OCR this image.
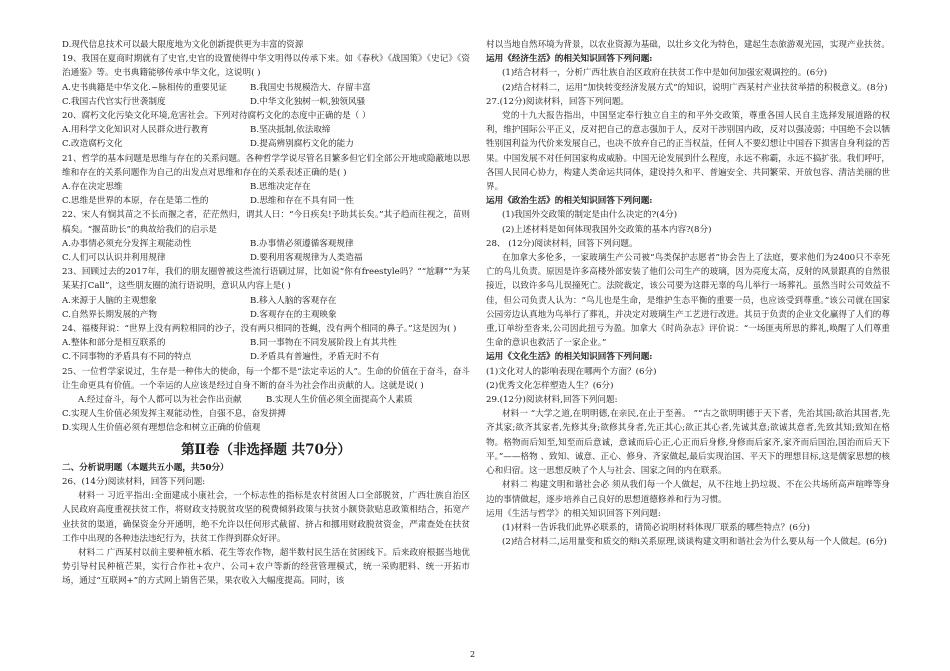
D.现代信息技术可以最大限度地为文化创新提供更为丰富的资源

19、我国在夏商时期就有了史官,史官的设置使得中华文明得以传承下来。如《春秋》《战国策》《史记》《资治通鉴》等。史书典籍能够传承中华文化，这说明( )

A.史书典籍是中华文化.~脉相传的重要见证	B.我国史书规模浩大、存留丰富

C.我国古代官实行世袭制度	D.中华文化独树一帜,独领风骚

20、腐朽文化污染文化环境,危害社会。下列对待腐朽文化的态度中正确的是（ ）

A.用科学文化知识对人民群众进行教育	B.坚决抵制,依法取缔

C.改造腐朽文化	D.提高辨别腐朽文化的能力

21、哲学的基本问题是思维与存在的关系问题。各种哲学学说尽管名目繁多但它们全部公开地或隐蔽地以思维和存在的关系问题作为自己的出发点对思维和存在的关系表述正确的是( )

A.存在决定思维	B.思维决定存在

C.思维是世界的本原，存在是第二性的	D.思维和存在不具有同一性

22、宋人有悯其苗之不长而揠之者，茫茫然归，谓其人曰：“今日疾矣!予助其长矣。”其子趋而往视之，苗则槁矣。“揠苗助长”的典故给我们的启示是

A.办事情必须充分发挥主观能动性	B.办事情必须遵循客观规律

C.人们可以认识并利用规律	D.要利用客观规律为人类造福

23、回顾过去的2017年，我们的朋友圈曾被这些流行语刷过屏，比如说“你有freestyle吗？”“尬聊”“为某某某打Call”，这些朋友圈的流行语说明，意识从内容上是( )

A.来源于人脑的主观想象	B.移入人脑的客观存在

C.自然界长期发展的产物	D.客观存在的主观映象

24、福楼拜说：“世界上没有两粒相同的沙子，没有两只相同的苍蝇，没有两个相同的鼻子。”这是因为( )

A.整体和部分是相互联系的	B.同一事物在不同发展阶段上有其共性

C.不同事物的矛盾具有不同的特点	D.矛盾具有普遍性，矛盾无时不有

25、一位哲学家说过，生存是一种伟大的使命，每一个都不是“法定幸运的人”。生命的价值在于奋斗，奋斗让生命更具有价值。一个幸运的人应该是经过自身不断的奋斗为社会作出贡献的人。这就是说( )

A.经过奋斗，每个人都可以为社会作出贡献	B.实现人生价值必须全面提高个人素质

C.实现人生价值必须发挥主观能动性，自强不息，奋发拼搏

D.实现人生价值必须有理想信念和树立正确的价值观

第Ⅱ卷（非选择题 共70分）

二、分析说明题（本题共五小题，共50分）

26、(14分)阅读材料，回答下列问题:

材料一 习近平指出:全面建成小康社会，一个标志性的指标是农村贫困人口全部脱贫，广西壮族自治区人民政府高度重视扶贫工作，将财政支持脱贫攻坚的税费倾斜政策与扶贫小额贷款贴息政策相结合，拓宽产业扶贫的渠道，确保资金分开通明，绝不允许以任何形式截留、挤占和挪用财政脱贫资金，严肃查处在扶贫工作中出现的各种违法违纪行为，扶贫工作得到群众好评。

材料二 广西某村以前主要种植水稻、花生等农作物，超半数村民生活在贫困线下。后来政府根据当地优势引导村民种植芒果，实行合作社+农户、公司+农户等新的经营管理模式，统一采购肥料、统一开拓市场，通过“互联网+”的方式网上销售芒果，果农收入大幅度提高。同时，该

村以当地自然环境为背景，以农业资源为基础，以壮乡文化为特色，建起生态旅游观光园，实现产业扶贫。

运用《经济生活》的相关知识回答下列问题:

(1)结合材料一，分析广西壮族自治区政府在扶贫工作中是如何加强宏观调控的。(6分)

(2)结合材料二，运用“加快转变经济发展方式”的知识，说明广西某村产业扶贫举措的积极意义。(8分)

27.(12分)阅读材料，回答下列问题。

党的十九大报告指出，中国坚定奉行独立自主的和平外交政策，尊重各国人民自主选择发展道路的权利，维护国际公平正义，反对把自己的意志强加于人，反对干涉别国内政，反对以强凌弱；中国绝不会以牺牲别国利益为代价来发展自己，也决不放弃自己的正当权益，任何人不要幻想让中国吞下损害自身利益的苦果。中国发展不对任何国家构成威胁。中国无论发展到什么程度，永远不称霸，永远不搞扩张。我们呼吁，各国人民同心协力，构建人类命运共同体，建设持久和平、普遍安全、共同繁荣、开放包容、清洁美丽的世界。

运用《政治生活》的相关知识回答下列问题:

(1)我国外交政策的制定是由什么决定的?(4分)

(2)上述材料是如何体现我国外交政策的基本内容?(8分)

28、 (12分)阅读材料，回答下列问题。

在加拿大多伦多，一家玻璃生产公司被“鸟类保护志愿者”协会告上了法庭，要求他们为2400只不幸死亡的鸟儿负责。原因是许多高楼外部安装了他们公司生产的玻璃，因为亮度太高，反射的风景跟真的自然很接近，以致许多鸟儿误撞死亡。法院裁定，该公司要为这群无辜的鸟儿举行一场葬礼。虽然当时公司效益不佳，但公司负责人认为：“鸟儿也是生命，是维护生态平衡的重要一员，也应该受到尊重。”该公司就在国家公园旁边认真地为鸟举行了葬礼，并决定对玻璃生产工艺进行改进。其员于负责的企业文化赢得了人们的尊重,订单纷至沓来,公司因此扭亏为盈。加拿大《时尚杂志》评价说：“一场匪夷所思的葬礼,唤醒了人们尊重生命的意识也救活了一家企业。”

运用《文化生活》的相关知识回答下列问题:

(1)文化对人的影响表现在哪两个方面？(6分)

(2)优秀文化怎样塑造人生？(6分)

29.(12分)阅读材料,回答下列问题:

材料一 “大学之道,在明明德,在亲民,在止于至善。 ”“古之欲明明德于天下者，先治其国;欲治其国者,先齐其家;欲齐其家者,先修其身;欲修其身者,先正其心;欲正其心者,先诚其意;欲诚其意者,先致其知;致知在格物。格物而后知至,知至而后意诚，意诚而后心正,心正而后身修,身修而后家齐,家齐而后国治,国治而后天下平。”——格物 、致知、诚意、正心、修身、齐家做起,最后实现治国、平天下的理想目标,这是儒家思想的核心和归宿。这一思想反映了个人与社会、国家之间的内在联系。

材料二 构建文明和谐社会必 须从我们每一个人做起，从不往地上扔垃圾、不在公共场所高声喧哗等身边的事情做起，逐步培养自己良好的思想道德修养和行为习惯。

运用《生活与哲学》的相关知识回答下列问题:

(1)材料一告诉我们此界必联系的，请简必说明材料体现厂联系的哪些特点？(6分)

(2)结合材料二,运用量变和质交的辩ⅰ关系原理,谈谈构建文明和谐社会为什么要从每一个人做起。(6分)

2
